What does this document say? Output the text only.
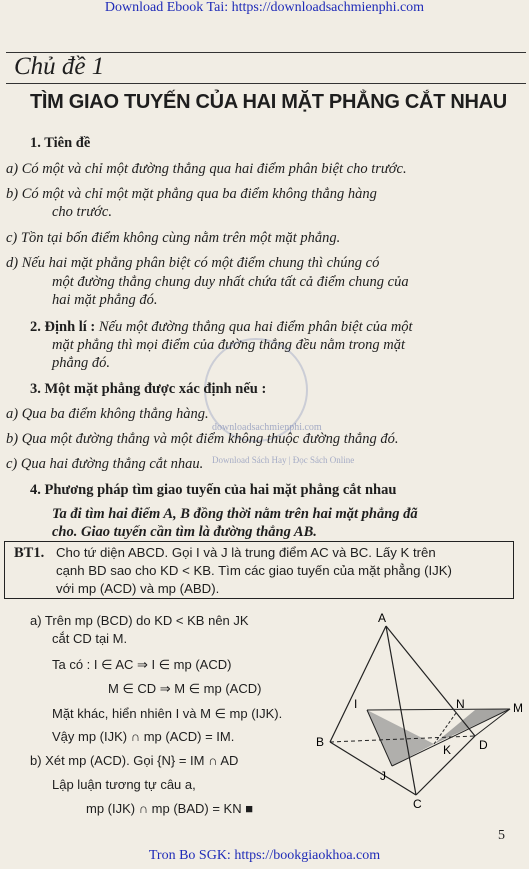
Download Ebook Tai: https://downloadsachmienphi.com
Chủ đề 1
TÌM GIAO TUYẾN CỦA HAI MẶT PHẲNG CẮT NHAU
1. Tiên đề
a) Có một và chỉ một đường thẳng qua hai điểm phân biệt cho trước.
b) Có một và chỉ một mặt phẳng qua ba điểm không thẳng hàng
cho trước.
c) Tồn tại bốn điểm không cùng nằm trên một mặt phẳng.
d) Nếu hai mặt phẳng phân biệt có một điểm chung thì chúng có
một đường thẳng chung duy nhất chứa tất cả điểm chung của
hai mặt phẳng đó.
2. Định lí : Nếu một đường thẳng qua hai điểm phân biệt của một
mặt phẳng thì mọi điểm của đường thẳng đều nằm trong mặt
phẳng đó.
downloadsachmienphi.com
Download Sách Hay | Đọc Sách Online
3. Một mặt phẳng được xác định nếu :
a) Qua ba điểm không thẳng hàng.
b) Qua một đường thẳng và một điểm không thuộc đường thẳng đó.
c) Qua hai đường thẳng cắt nhau.
4. Phương pháp tìm giao tuyến của hai mặt phẳng cắt nhau
Ta đi tìm hai điểm A, B đồng thời nằm trên hai mặt phẳng đã
cho. Giao tuyến cần tìm là đường thẳng AB.
BT1. Cho tứ diện ABCD. Gọi I và J là trung điểm AC và BC. Lấy K trên
cạnh BD sao cho KD < KB. Tìm các giao tuyến của mặt phẳng (IJK)
với mp (ACD) và mp (ABD).
a) Trên mp (BCD) do KD < KB nên JK
cắt CD tại M.
Ta có : I ∈ AC ⇒ I ∈ mp (ACD)
M ∈ CD ⇒ M ∈ mp (ACD)
Mặt khác, hiển nhiên I và M ∈ mp (IJK).
Vậy mp (IJK) ∩ mp (ACD) = IM.
b) Xét mp (ACD). Gọi {N} = IM ∩ AD
Lập luận tương tự câu a,
mp (IJK) ∩ mp (BAD) = KN ■
A
I	N	M
B
K D
J
C
5
Tron Bo SGK: https://bookgiaokhoa.com
